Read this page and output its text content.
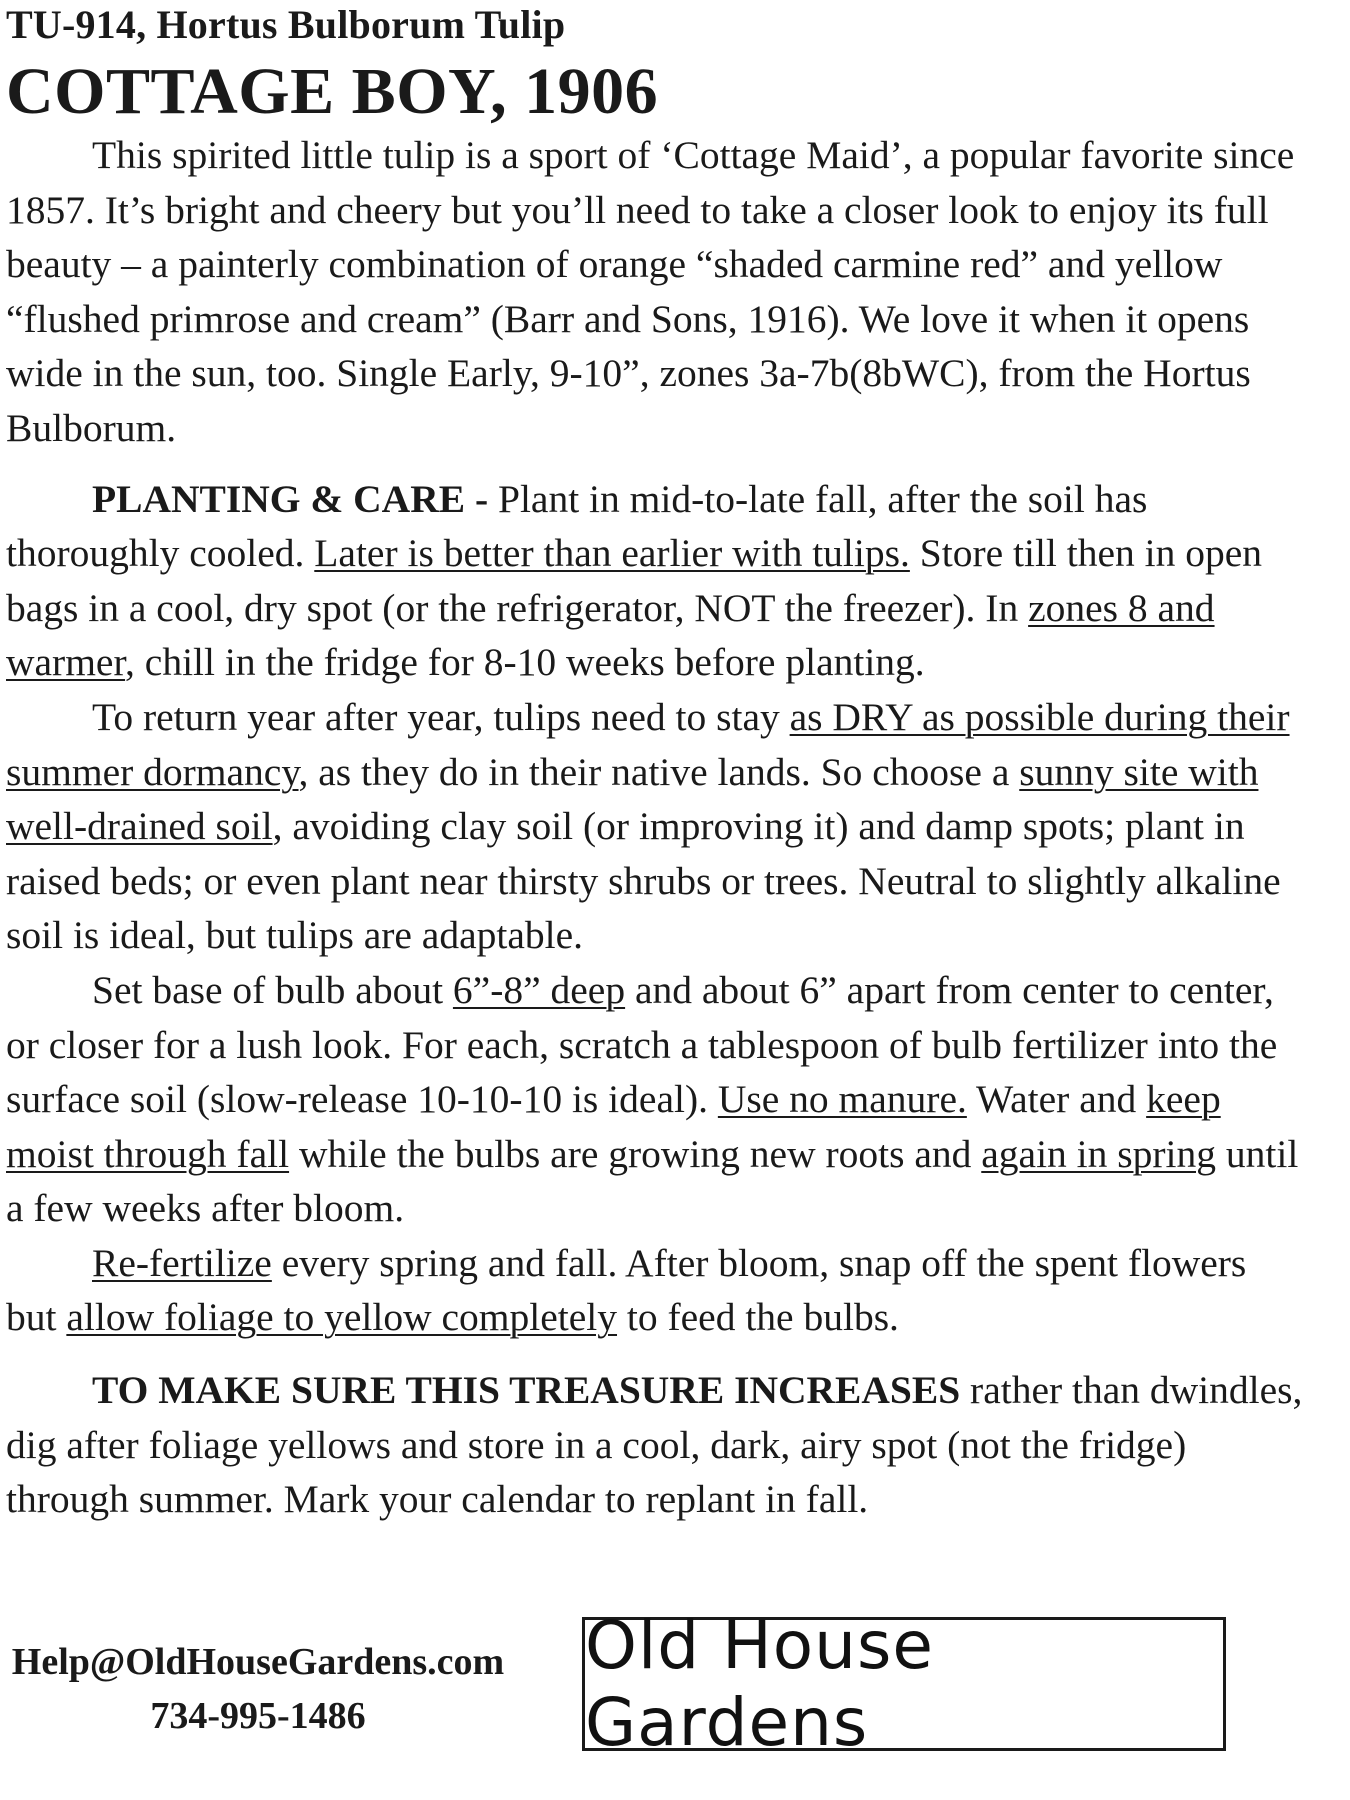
TU-914, Hortus Bulborum Tulip
COTTAGE BOY, 1906

This spirited little tulip is a sport of ‘Cottage Maid’, a popular favorite since 1857. It’s bright and cheery but you’ll need to take a closer look to enjoy its full beauty – a painterly combination of orange “shaded carmine red” and yellow “flushed primrose and cream” (Barr and Sons, 1916). We love it when it opens wide in the sun, too. Single Early, 9-10”, zones 3a-7b(8bWC), from the Hortus Bulborum.

PLANTING & CARE - Plant in mid-to-late fall, after the soil has thoroughly cooled. Later is better than earlier with tulips. Store till then in open bags in a cool, dry spot (or the refrigerator, NOT the freezer). In zones 8 and warmer, chill in the fridge for 8-10 weeks before planting.

To return year after year, tulips need to stay as DRY as possible during their summer dormancy, as they do in their native lands. So choose a sunny site with well-drained soil, avoiding clay soil (or improving it) and damp spots; plant in raised beds; or even plant near thirsty shrubs or trees. Neutral to slightly alkaline soil is ideal, but tulips are adaptable.

Set base of bulb about 6”-8” deep and about 6” apart from center to center, or closer for a lush look. For each, scratch a tablespoon of bulb fertilizer into the surface soil (slow-release 10-10-10 is ideal). Use no manure. Water and keep moist through fall while the bulbs are growing new roots and again in spring until a few weeks after bloom.

Re-fertilize every spring and fall. After bloom, snap off the spent flowers but allow foliage to yellow completely to feed the bulbs.

TO MAKE SURE THIS TREASURE INCREASES rather than dwindles, dig after foliage yellows and store in a cool, dark, airy spot (not the fridge) through summer. Mark your calendar to replant in fall.

Help@OldHouseGardens.com
734-995-1486
Old House Gardens
